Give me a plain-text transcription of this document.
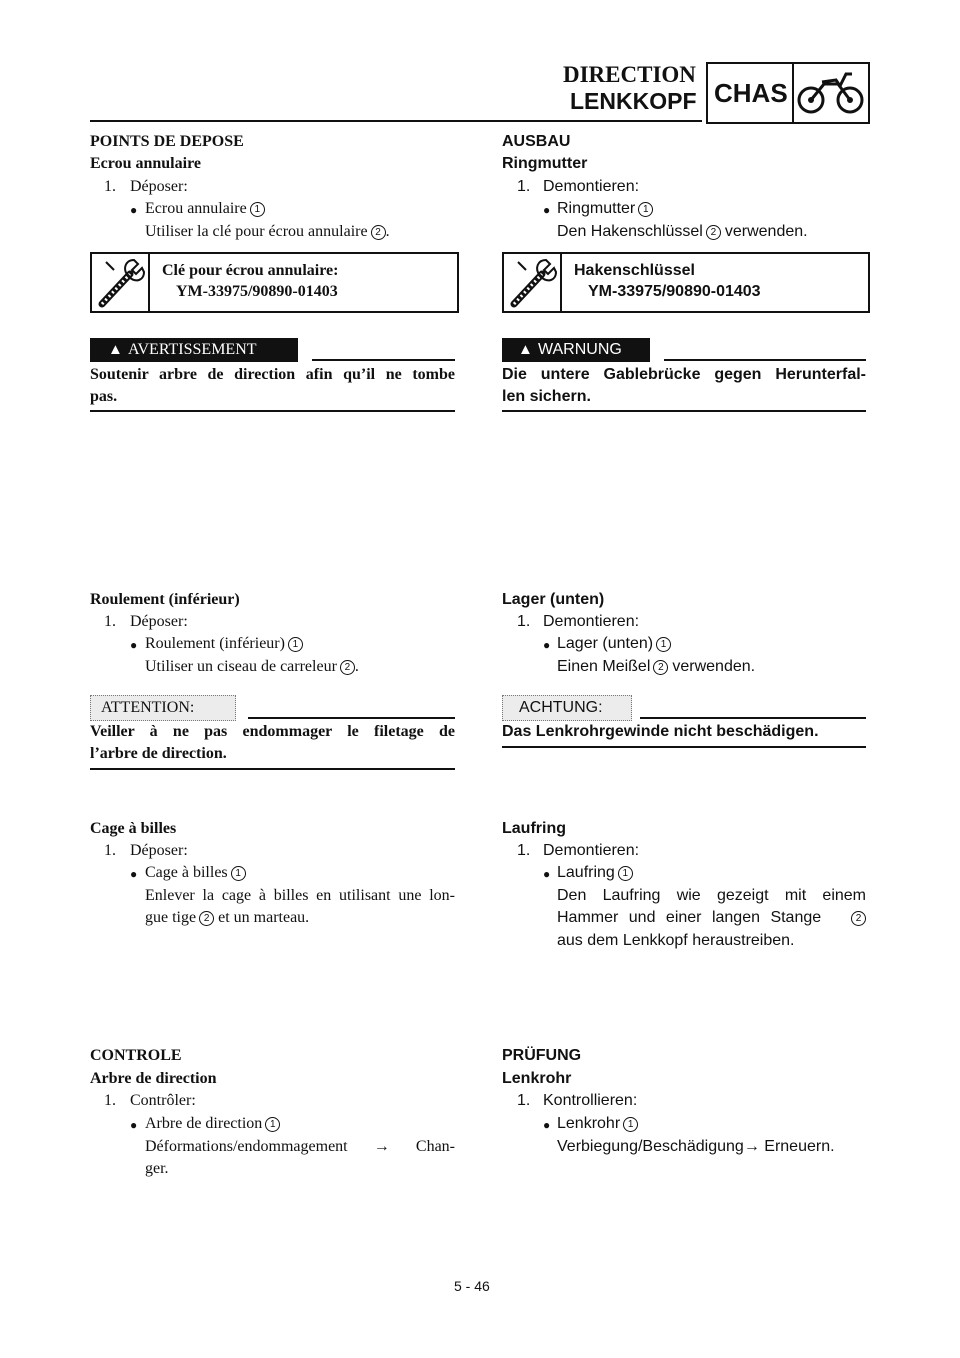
DIRECTION
LENKKOPF CHAS
POINTS DE DEPOSE
Ecrou annulaire
1. Déposer:
● Ecrou annulaire 1
Utiliser la clé pour écrou annulaire 2 .
Clé pour écrou annulaire:
YM-33975/90890-01403
▲ AVERTISSEMENT
Soutenir arbre de direction afin qu’il ne tombe
pas.
Roulement (inférieur)
1. Déposer:
● Roulement (inférieur) 1
Utiliser un ciseau de carreleur 2 .
ATTENTION:
Veiller à ne pas endommager le filetage de
l’arbre de direction.
Cage à billes
1. Déposer:
● Cage à billes 1
Enlever la cage à billes en utilisant une lon-
gue tige 2 et un marteau.
CONTROLE
Arbre de direction
1. Contrôler:
● Arbre de direction 1
Déformations/endommagement → Chan-
ger.
AUSBAU
Ringmutter
1. Demontieren:
● Ringmutter 1
Den Hakenschlüssel 2 verwenden.
Hakenschlüssel
YM-33975/90890-01403
▲ WARNUNG
Die untere Gablebrücke gegen Herunterfal-
len sichern.
Lager (unten)
1. Demontieren:
● Lager (unten) 1
Einen Meißel 2 verwenden.
ACHTUNG:
Das Lenkrohrgewinde nicht beschädigen.
Laufring
1. Demontieren:
● Laufring 1
Den Laufring wie gezeigt mit einem
Hammer und einer langen Stange	2
aus dem Lenkkopf heraustreiben.
PRÜFUNG
Lenkrohr
1. Kontrollieren:
● Lenkrohr 1
Verbiegung/Beschädigung→ Erneuern.
5 - 46
